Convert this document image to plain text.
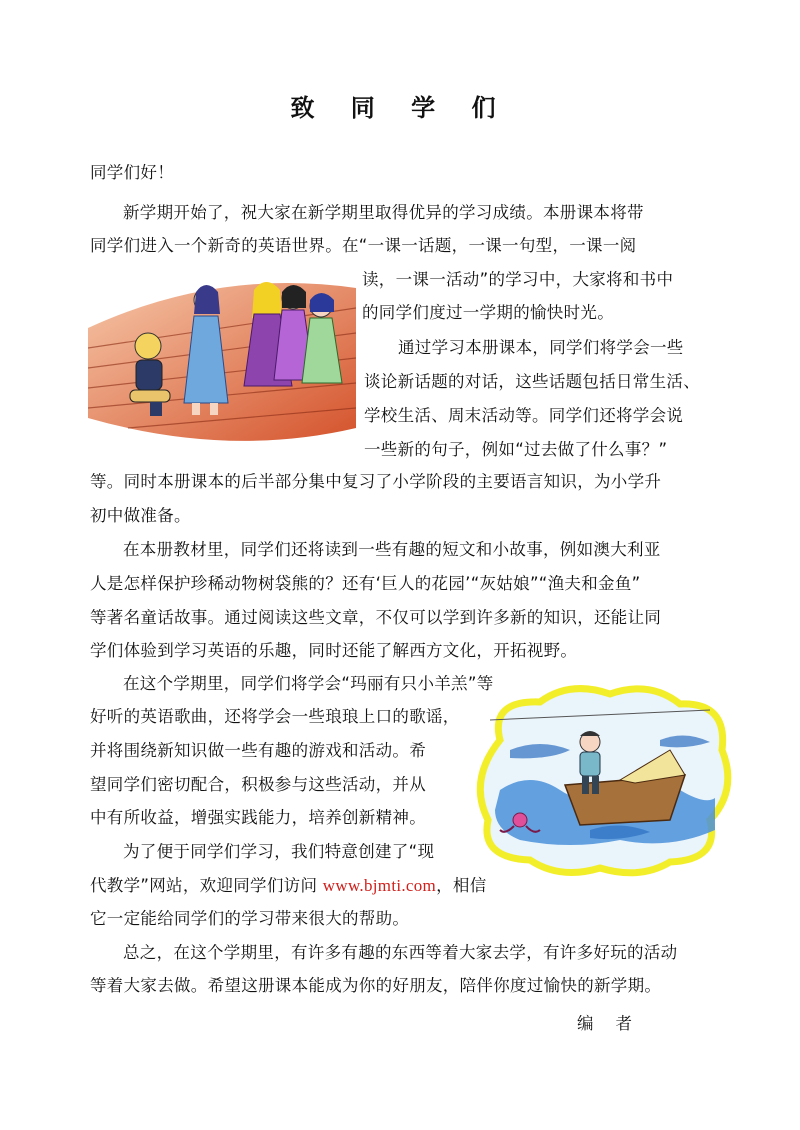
致 同 学 们
同学们好！
新学期开始了，祝大家在新学期里取得优异的学习成绩。本册课本将带
同学们进入一个新奇的英语世界。在“一课一话题，一课一句型，一课一阅
读，一课一活动”的学习中，大家将和书中
的同学们度过一学期的愉快时光。
通过学习本册课本，同学们将学会一些
谈论新话题的对话，这些话题包括日常生活、
学校生活、周末活动等。同学们还将学会说
一些新的句子，例如“过去做了什么事？”
等。同时本册课本的后半部分集中复习了小学阶段的主要语言知识，为小学升
初中做准备。
在本册教材里，同学们还将读到一些有趣的短文和小故事，例如澳大利亚
人是怎样保护珍稀动物树袋熊的？还有‘巨人的花园’“灰姑娘”“渔夫和金鱼”
等著名童话故事。通过阅读这些文章，不仅可以学到许多新的知识，还能让同
学们体验到学习英语的乐趣，同时还能了解西方文化，开拓视野。
在这个学期里，同学们将学会“玛丽有只小羊羔”等
好听的英语歌曲，还将学会一些琅琅上口的歌谣，
并将围绕新知识做一些有趣的游戏和活动。希
望同学们密切配合，积极参与这些活动，并从
中有所收益，增强实践能力，培养创新精神。
为了便于同学们学习，我们特意创建了“现
代教学”网站，欢迎同学们访问 www.bjmti.com，相信
它一定能给同学们的学习带来很大的帮助。
总之，在这个学期里，有许多有趣的东西等着大家去学，有许多好玩的活动
等着大家去做。希望这册课本能成为你的好朋友，陪伴你度过愉快的新学期。
编 者
